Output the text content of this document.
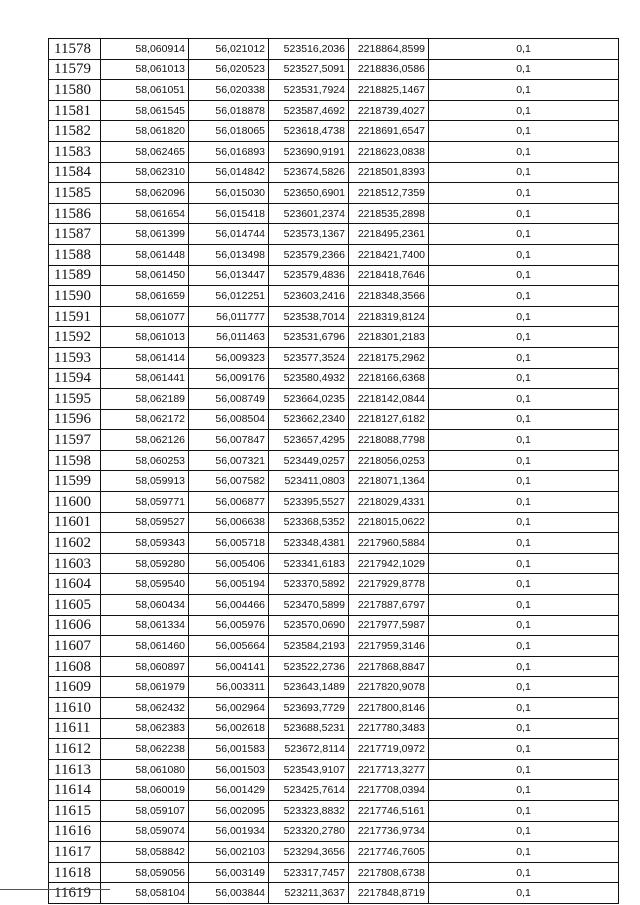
11578	58,060914	56,021012	523516,2036	2218864,8599	0,1
11579	58,061013	56,020523	523527,5091	2218836,0586	0,1
11580	58,061051	56,020338	523531,7924	2218825,1467	0,1
11581	58,061545	56,018878	523587,4692	2218739,4027	0,1
11582	58,061820	56,018065	523618,4738	2218691,6547	0,1
11583	58,062465	56,016893	523690,9191	2218623,0838	0,1
11584	58,062310	56,014842	523674,5826	2218501,8393	0,1
11585	58,062096	56,015030	523650,6901	2218512,7359	0,1
11586	58,061654	56,015418	523601,2374	2218535,2898	0,1
11587	58,061399	56,014744	523573,1367	2218495,2361	0,1
11588	58,061448	56,013498	523579,2366	2218421,7400	0,1
11589	58,061450	56,013447	523579,4836	2218418,7646	0,1
11590	58,061659	56,012251	523603,2416	2218348,3566	0,1
11591	58,061077	56,011777	523538,7014	2218319,8124	0,1
11592	58,061013	56,011463	523531,6796	2218301,2183	0,1
11593	58,061414	56,009323	523577,3524	2218175,2962	0,1
11594	58,061441	56,009176	523580,4932	2218166,6368	0,1
11595	58,062189	56,008749	523664,0235	2218142,0844	0,1
11596	58,062172	56,008504	523662,2340	2218127,6182	0,1
11597	58,062126	56,007847	523657,4295	2218088,7798	0,1
11598	58,060253	56,007321	523449,0257	2218056,0253	0,1
11599	58,059913	56,007582	523411,0803	2218071,1364	0,1
11600	58,059771	56,006877	523395,5527	2218029,4331	0,1
11601	58,059527	56,006638	523368,5352	2218015,0622	0,1
11602	58,059343	56,005718	523348,4381	2217960,5884	0,1
11603	58,059280	56,005406	523341,6183	2217942,1029	0,1
11604	58,059540	56,005194	523370,5892	2217929,8778	0,1
11605	58,060434	56,004466	523470,5899	2217887,6797	0,1
11606	58,061334	56,005976	523570,0690	2217977,5987	0,1
11607	58,061460	56,005664	523584,2193	2217959,3146	0,1
11608	58,060897	56,004141	523522,2736	2217868,8847	0,1
11609	58,061979	56,003311	523643,1489	2217820,9078	0,1
11610	58,062432	56,002964	523693,7729	2217800,8146	0,1
11611	58,062383	56,002618	523688,5231	2217780,3483	0,1
11612	58,062238	56,001583	523672,8114	2217719,0972	0,1
11613	58,061080	56,001503	523543,9107	2217713,3277	0,1
11614	58,060019	56,001429	523425,7614	2217708,0394	0,1
11615	58,059107	56,002095	523323,8832	2217746,5161	0,1
11616	58,059074	56,001934	523320,2780	2217736,9734	0,1
11617	58,058842	56,002103	523294,3656	2217746,7605	0,1
11618	58,059056	56,003149	523317,7457	2217808,6738	0,1
11619	58,058104	56,003844	523211,3637	2217848,8719	0,1
